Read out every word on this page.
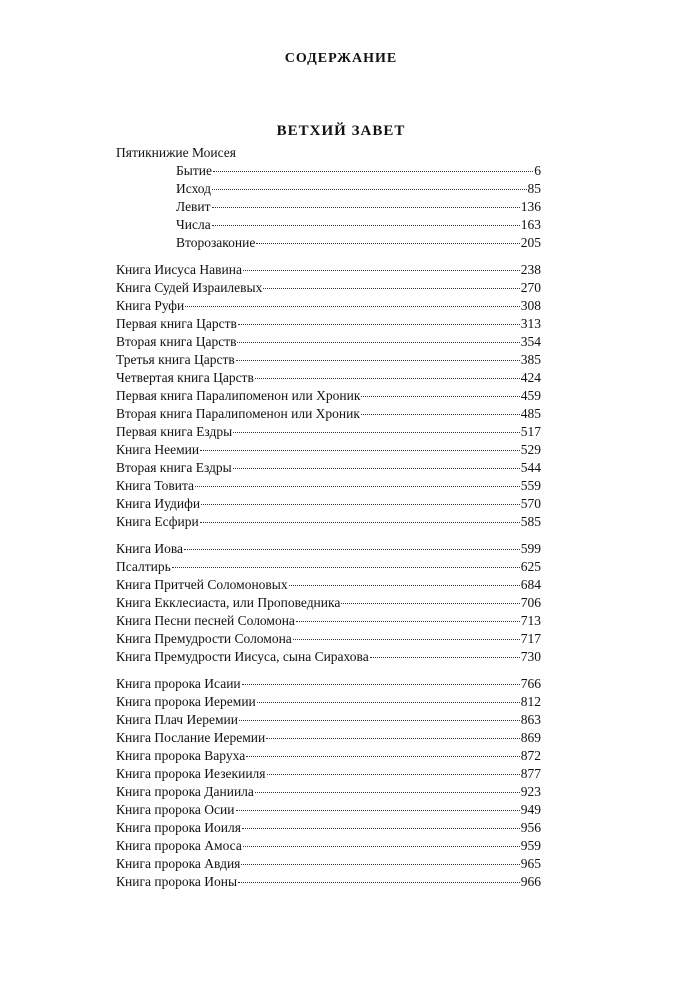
СОДЕРЖАНИЕ
ВЕТХИЙ ЗАВЕТ
Пятикнижие Моисея
Бытие	6
Исход	85
Левит	136
Числа	163
Второзаконие	205
Книга Иисуса Навина	238
Книга Судей Израилевых	270
Книга Руфи	308
Первая книга Царств	313
Вторая книга Царств	354
Третья книга Царств	385
Четвертая книга Царств	424
Первая книга Паралипоменон или Хроник	459
Вторая книга Паралипоменон или Хроник	485
Первая книга Ездры	517
Книга Неемии	529
Вторая книга Ездры	544
Книга Товита	559
Книга Иудифи	570
Книга Есфири	585
Книга Иова	599
Псалтирь	625
Книга Притчей Соломоновых	684
Книга Екклесиаста, или Проповедника	706
Книга Песни песней Соломона	713
Книга Премудрости Соломона	717
Книга Премудрости Иисуса, сына Сирахова	730
Книга пророка Исаии	766
Книга пророка Иеремии	812
Книга Плач Иеремии	863
Книга Послание Иеремии	869
Книга пророка Варуха	872
Книга пророка Иезекииля	877
Книга пророка Даниила	923
Книга пророка Осии	949
Книга пророка Иоиля	956
Книга пророка Амоса	959
Книга пророка Авдия	965
Книга пророка Ионы	966
